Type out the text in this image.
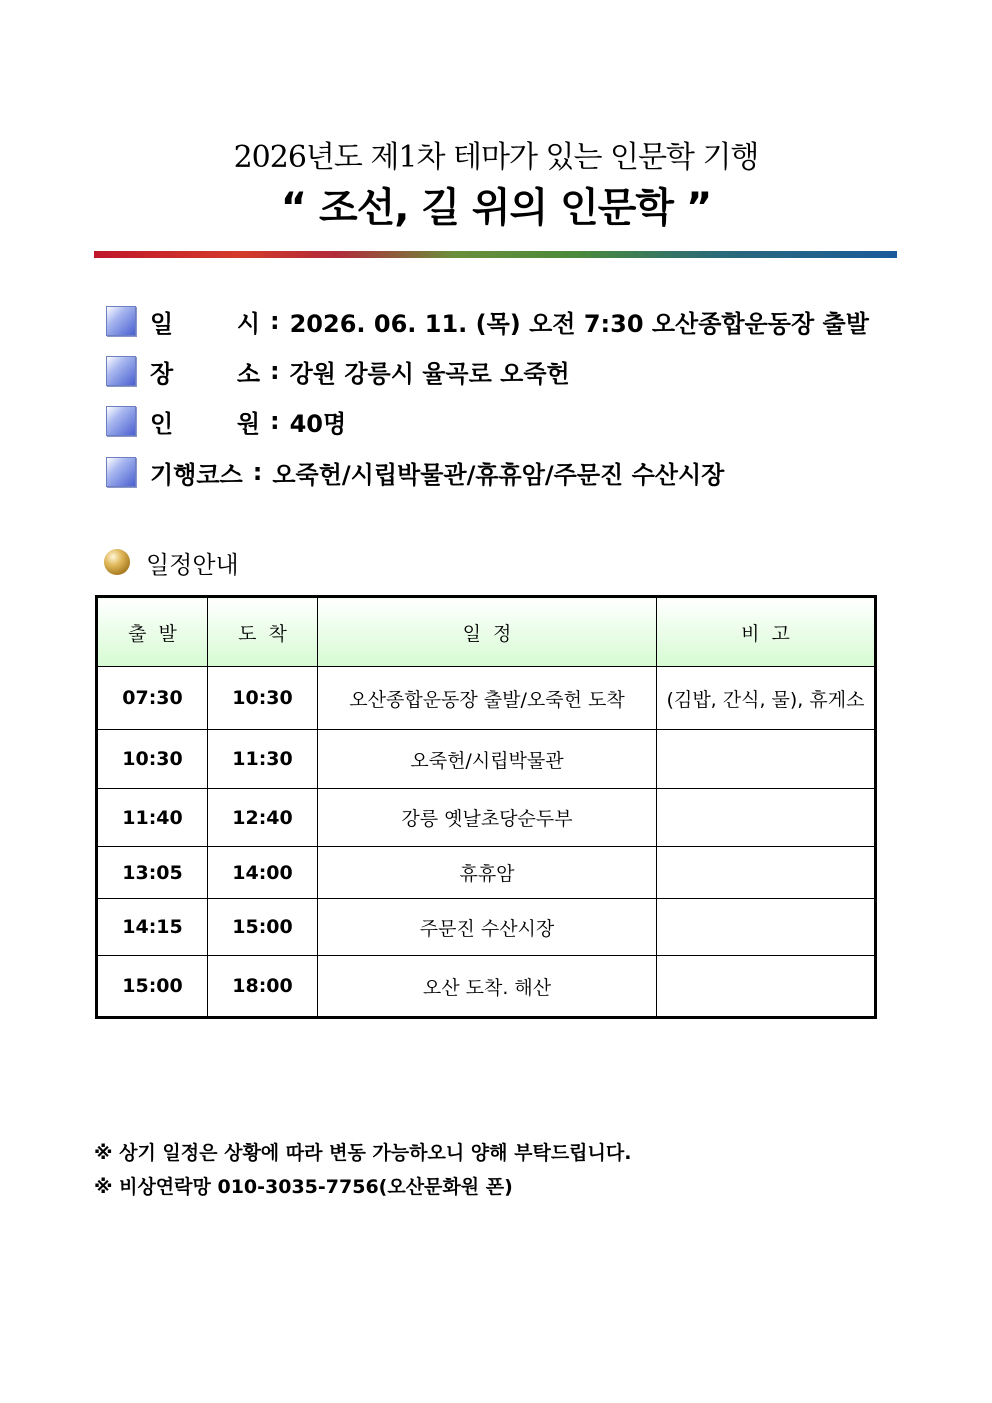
2026년도 제1차 테마가 있는 인문학 기행
“ 조선, 길 위의 인문학 ”
일	시 : 2026. 06. 11. (목) 오전 7:30 오산종합운동장 출발
장	소 : 강원 강릉시 율곡로 오죽헌
인	원 : 40명
기행코스 : 오죽헌/시립박물관/휴휴암/주문진 수산시장
일정안내
출  발	도  착	일  정	비  고
07:30	10:30	오산종합운동장 출발/오죽헌 도착	(김밥, 간식, 물), 휴게소
10:30	11:30	오죽헌/시립박물관	
11:40	12:40	강릉 옛날초당순두부	
13:05	14:00	휴휴암	
14:15	15:00	주문진 수산시장	
15:00	18:00	오산 도착. 해산	
※ 상기 일정은 상황에 따라 변동 가능하오니 양해 부탁드립니다.
※ 비상연락망 010-3035-7756(오산문화원 폰)
